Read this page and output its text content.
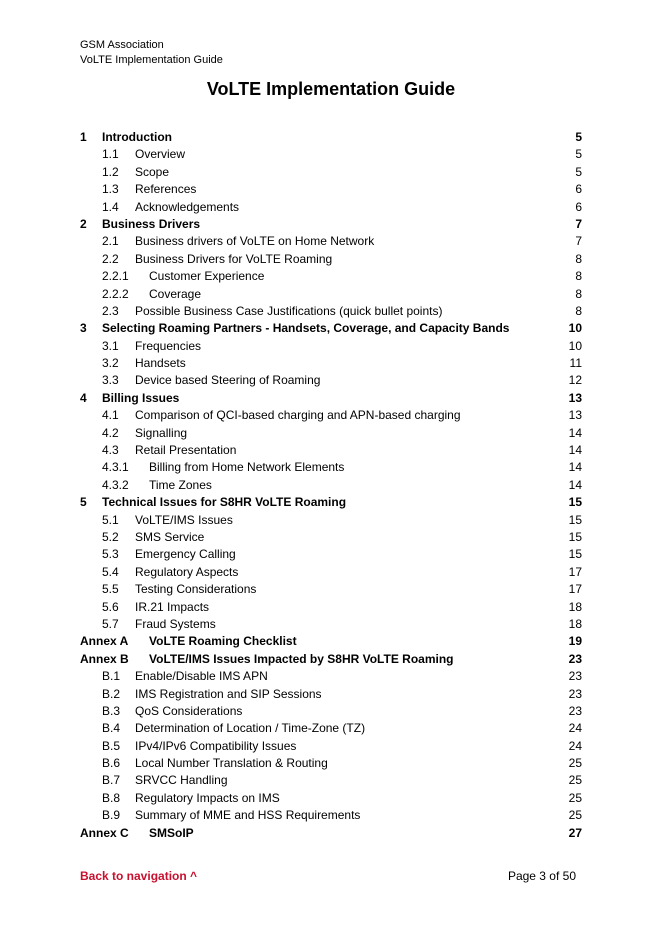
GSM Association
VoLTE Implementation Guide
VoLTE Implementation Guide
1 Introduction	5
1.1 Overview	5
1.2 Scope	5
1.3 References	6
1.4 Acknowledgements	6
2 Business Drivers	7
2.1 Business drivers of VoLTE on Home Network	7
2.2 Business Drivers for VoLTE Roaming	8
2.2.1 Customer Experience	8
2.2.2 Coverage	8
2.3 Possible Business Case Justifications (quick bullet points)	8
3 Selecting Roaming Partners - Handsets, Coverage, and Capacity Bands	10
3.1 Frequencies	10
3.2 Handsets	11
3.3 Device based Steering of Roaming	12
4 Billing Issues	13
4.1 Comparison of QCI-based charging and APN-based charging	13
4.2 Signalling	14
4.3 Retail Presentation	14
4.3.1 Billing from Home Network Elements	14
4.3.2 Time Zones	14
5 Technical Issues for S8HR VoLTE Roaming	15
5.1 VoLTE/IMS Issues	15
5.2 SMS Service	15
5.3 Emergency Calling	15
5.4 Regulatory Aspects	17
5.5 Testing Considerations	17
5.6 IR.21 Impacts	18
5.7 Fraud Systems	18
Annex A VoLTE Roaming Checklist	19
Annex B VoLTE/IMS Issues Impacted by S8HR VoLTE Roaming	23
B.1 Enable/Disable IMS APN	23
B.2 IMS Registration and SIP Sessions	23
B.3 QoS Considerations	23
B.4 Determination of Location / Time-Zone (TZ)	24
B.5 IPv4/IPv6 Compatibility Issues	24
B.6 Local Number Translation & Routing	25
B.7 SRVCC Handling	25
B.8 Regulatory Impacts on IMS	25
B.9 Summary of MME and HSS Requirements	25
Annex C SMSoIP	27
Back to navigation ^	Page 3 of 50
